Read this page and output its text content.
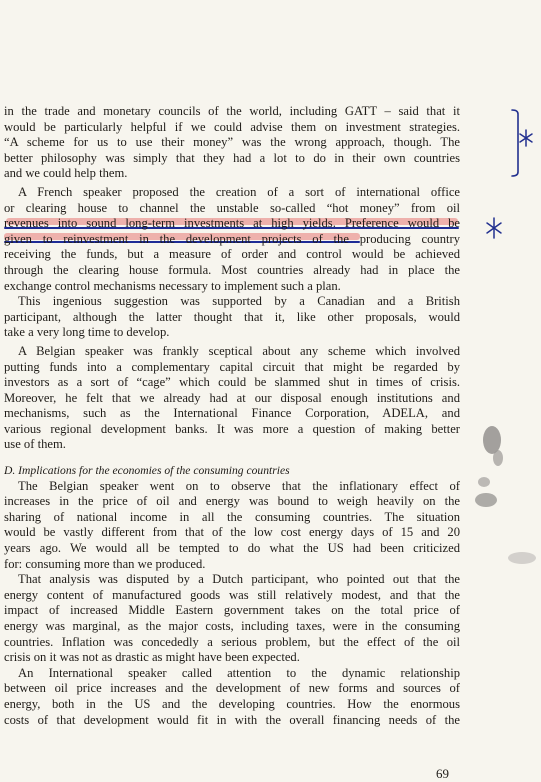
in the trade and monetary councils of the world, including GATT – said that it
would be particularly helpful if we could advise them on investment strategies.
“A scheme for us to use their money” was the wrong approach, though. The
better philosophy was simply that they had a lot to do in their own countries
and we could help them.
A French speaker proposed the creation of a sort of international office
or clearing house to channel the unstable so-called “hot money” from oil
revenues into sound long-term investments at high yields. Preference would be
given to reinvestment in the development projects of the producing country
receiving the funds, but a measure of order and control would be achieved
through the clearing house formula. Most countries already had in place the
exchange control mechanisms necessary to implement such a plan.
This ingenious suggestion was supported by a Canadian and a British
participant, although the latter thought that it, like other proposals, would
take a very long time to develop.
A Belgian speaker was frankly sceptical about any scheme which involved
putting funds into a complementary capital circuit that might be regarded by
investors as a sort of “cage” which could be slammed shut in times of crisis.
Moreover, he felt that we already had at our disposal enough institutions and
mechanisms, such as the International Finance Corporation, ADELA, and
various regional development banks. It was more a question of making better
use of them.
D. Implications for the economies of the consuming countries
The Belgian speaker went on to observe that the inflationary effect of
increases in the price of oil and energy was bound to weigh heavily on the
sharing of national income in all the consuming countries. The situation
would be vastly different from that of the low cost energy days of 15 and 20
years ago. We would all be tempted to do what the US had been criticized
for: consuming more than we produced.
That analysis was disputed by a Dutch participant, who pointed out that the
energy content of manufactured goods was still relatively modest, and that the
impact of increased Middle Eastern government takes on the total price of
energy was marginal, as the major costs, including taxes, were in the consuming
countries. Inflation was concededly a serious problem, but the effect of the oil
crisis on it was not as drastic as might have been expected.
An International speaker called attention to the dynamic relationship
between oil price increases and the development of new forms and sources of
energy, both in the US and the developing countries. How the enormous
costs of that development would fit in with the overall financing needs of the
69
